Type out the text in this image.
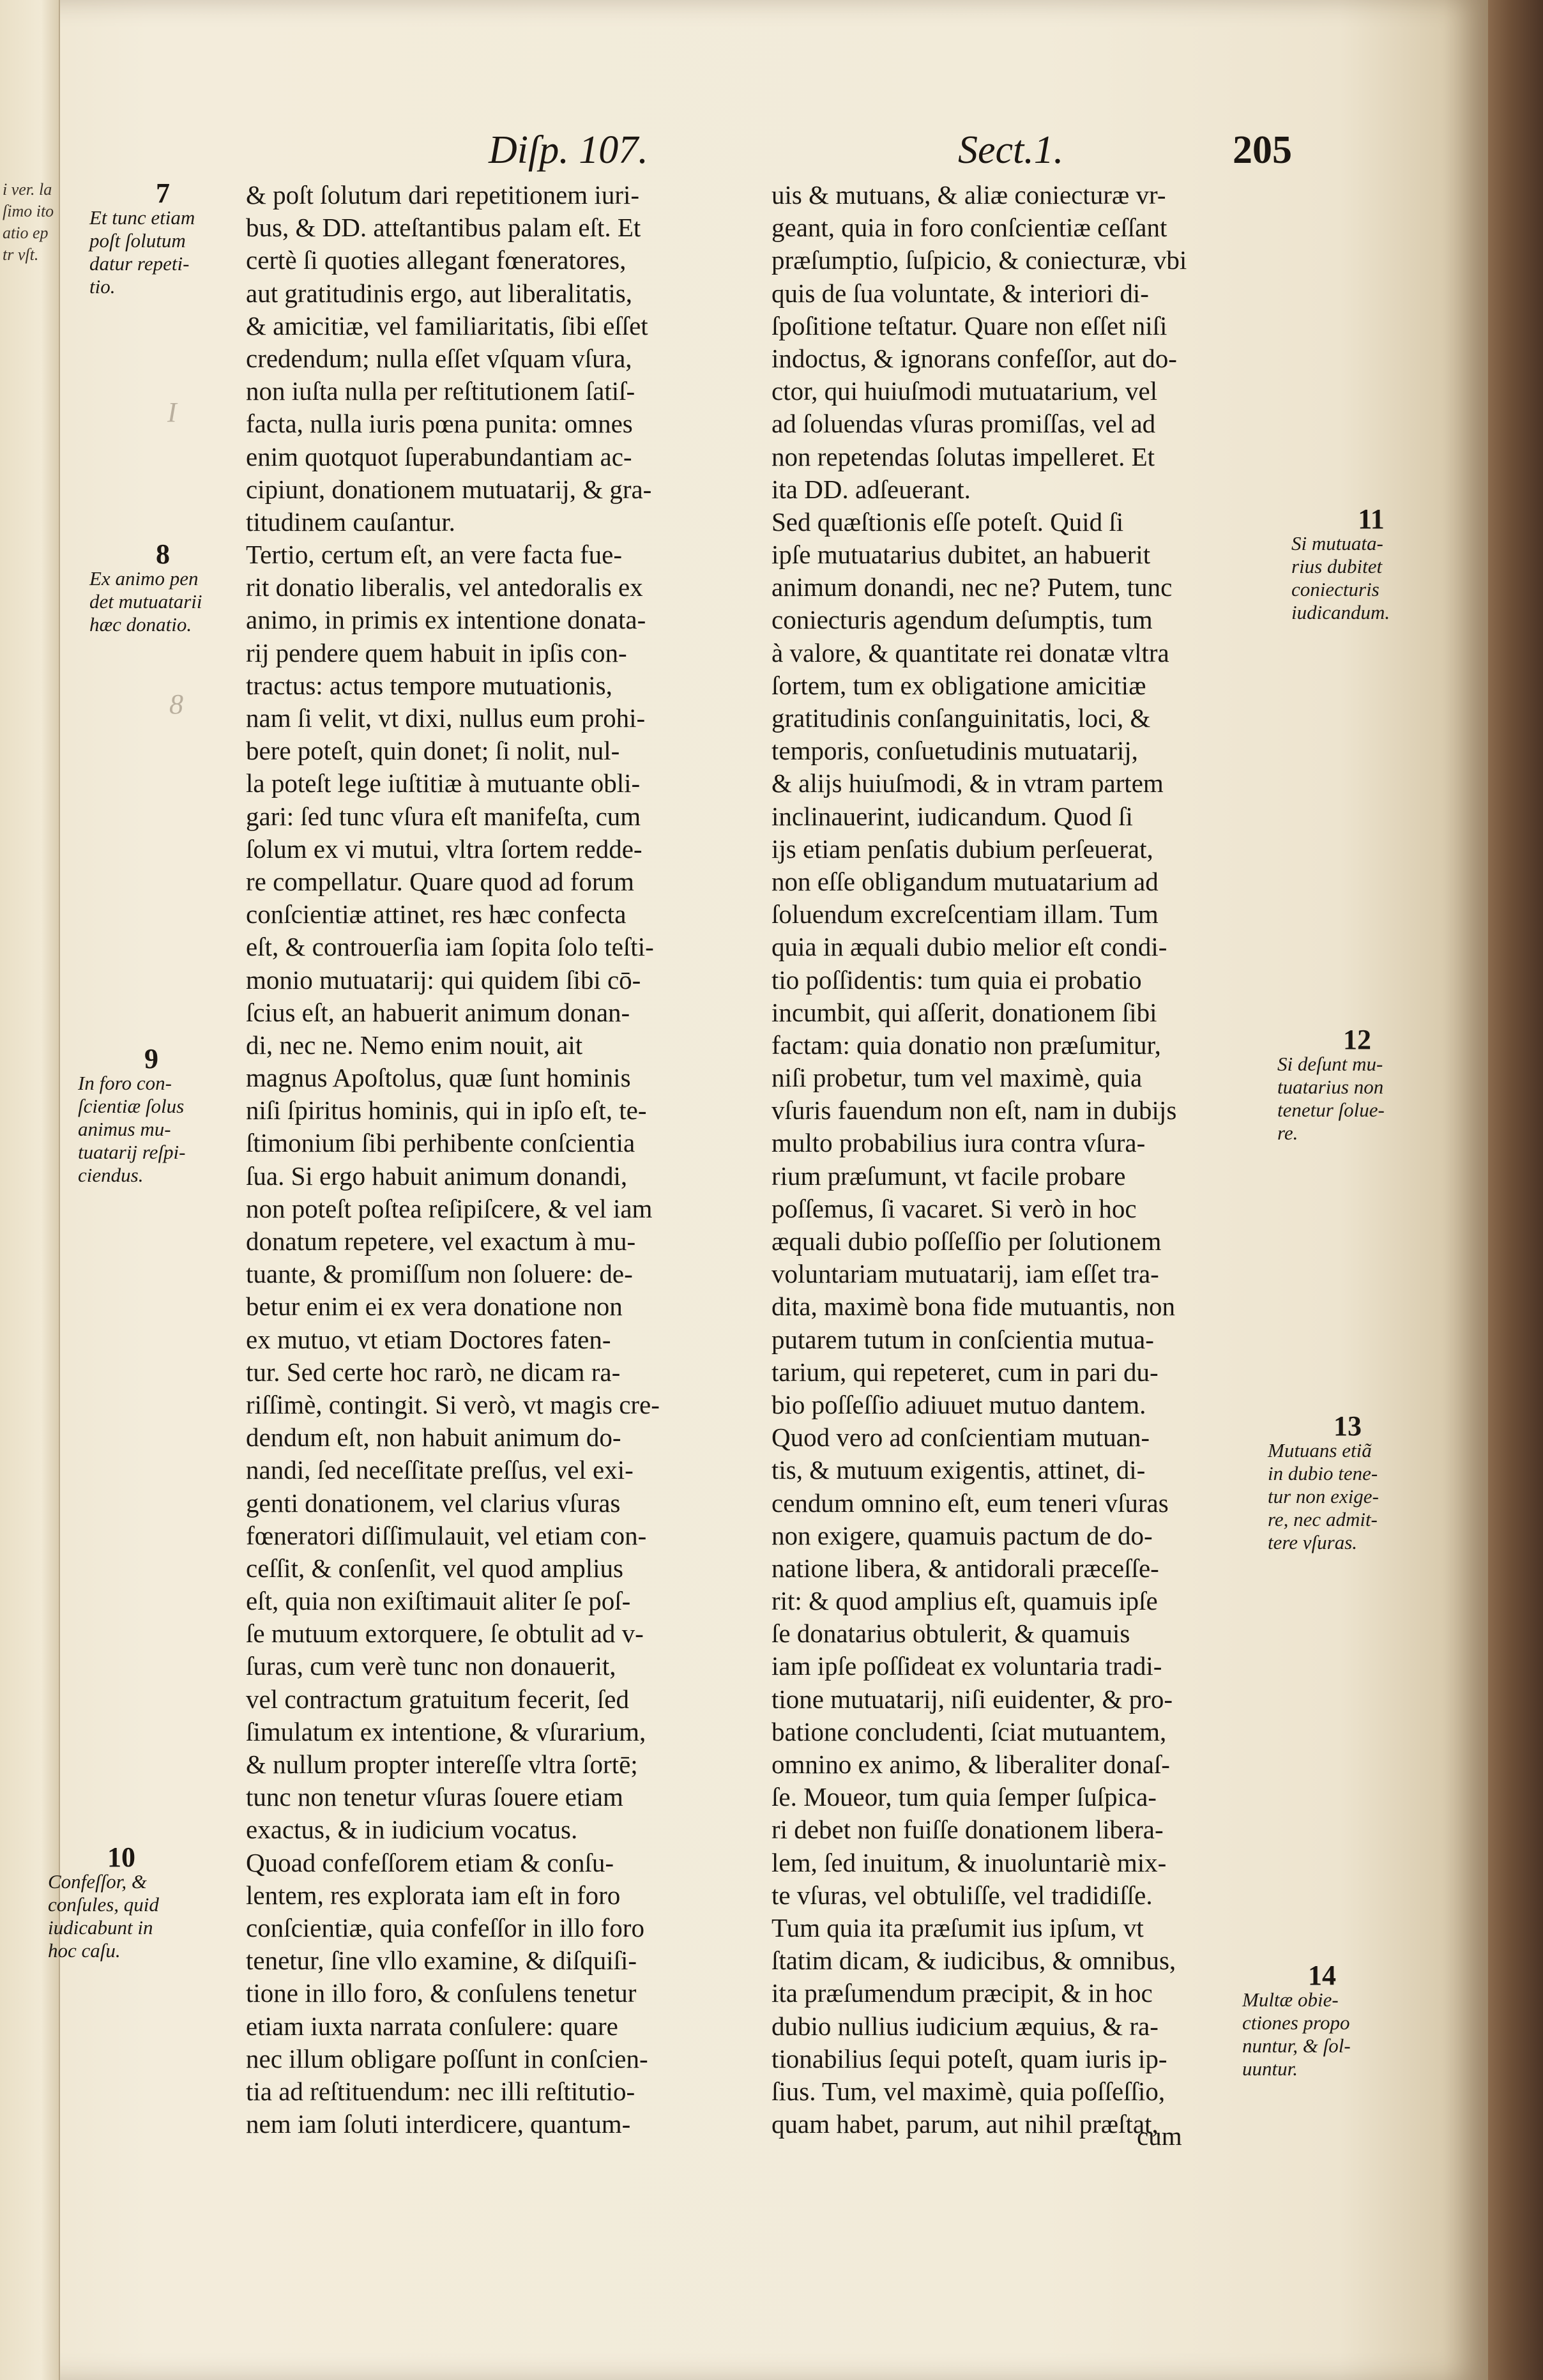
i ver. la
ſimo ito
atio ep
tr vſt.
Diſp. 107.	Sect.1.	205
& poſt ſolutum dari repetitionem iuri-
bus, & DD. atteſtantibus palam eſt. Et
certè ſi quoties allegant fœneratores,
aut gratitudinis ergo, aut liberalitatis,
& amicitiæ, vel familiaritatis, ſibi eſſet
credendum; nulla eſſet vſquam vſura,
non iuſta nulla per reſtitutionem ſatiſ-
facta, nulla iuris pœna punita: omnes
enim quotquot ſuperabundantiam ac-
cipiunt, donationem mutuatarij, & gra-
titudinem cauſantur.
Tertio, certum eſt, an vere facta fue-
rit donatio liberalis, vel antedoralis ex
animo, in primis ex intentione donata-
rij pendere quem habuit in ipſis con-
tractus: actus tempore mutuationis,
nam ſi velit, vt dixi, nullus eum prohi-
bere poteſt, quin donet; ſi nolit, nul-
la poteſt lege iuſtitiæ à mutuante obli-
gari: ſed tunc vſura eſt manifeſta, cum
ſolum ex vi mutui, vltra ſortem redde-
re compellatur. Quare quod ad forum
conſcientiæ attinet, res hæc confecta
eſt, & controuerſia iam ſopita ſolo teſti-
monio mutuatarij: qui quidem ſibi cō-
ſcius eſt, an habuerit animum donan-
di, nec ne. Nemo enim nouit, ait
magnus Apoſtolus, quæ ſunt hominis
niſi ſpiritus hominis, qui in ipſo eſt, te-
ſtimonium ſibi perhibente conſcientia
ſua. Si ergo habuit animum donandi,
non poteſt poſtea reſipiſcere, & vel iam
donatum repetere, vel exactum à mu-
tuante, & promiſſum non ſoluere: de-
betur enim ei ex vera donatione non
ex mutuo, vt etiam Doctores faten-
tur. Sed certe hoc rarò, ne dicam ra-
riſſimè, contingit. Si verò, vt magis cre-
dendum eſt, non habuit animum do-
nandi, ſed neceſſitate preſſus, vel exi-
genti donationem, vel clarius vſuras
fœneratori diſſimulauit, vel etiam con-
ceſſit, & conſenſit, vel quod amplius
eſt, quia non exiſtimauit aliter ſe poſ-
ſe mutuum extorquere, ſe obtulit ad v-
ſuras, cum verè tunc non donauerit,
vel contractum gratuitum fecerit, ſed
ſimulatum ex intentione, & vſurarium,
& nullum propter intereſſe vltra ſortē;
tunc non tenetur vſuras ſouere etiam
exactus, & in iudicium vocatus.
Quoad confeſſorem etiam & conſu-
lentem, res explorata iam eſt in foro
conſcientiæ, quia confeſſor in illo foro
tenetur, ſine vllo examine, & diſquiſi-
tione in illo foro, & conſulens tenetur
etiam iuxta narrata conſulere: quare
nec illum obligare poſſunt in conſcien-
tia ad reſtituendum: nec illi reſtitutio-
nem iam ſoluti interdicere, quantum-
uis & mutuans, & aliæ coniecturæ vr-
geant, quia in foro conſcientiæ ceſſant
præſumptio, ſuſpicio, & coniecturæ, vbi
quis de ſua voluntate, & interiori di-
ſpoſitione teſtatur. Quare non eſſet niſi
indoctus, & ignorans confeſſor, aut do-
ctor, qui huiuſmodi mutuatarium, vel
ad ſoluendas vſuras promiſſas, vel ad
non repetendas ſolutas impelleret. Et
ita DD. adſeuerant.
Sed quæſtionis eſſe poteſt. Quid ſi
ipſe mutuatarius dubitet, an habuerit
animum donandi, nec ne? Putem, tunc
coniecturis agendum deſumptis, tum
à valore, & quantitate rei donatæ vltra
ſortem, tum ex obligatione amicitiæ
gratitudinis conſanguinitatis, loci, &
temporis, conſuetudinis mutuatarij,
& alijs huiuſmodi, & in vtram partem
inclinauerint, iudicandum. Quod ſi
ijs etiam penſatis dubium perſeuerat,
non eſſe obligandum mutuatarium ad
ſoluendum excreſcentiam illam. Tum
quia in æquali dubio melior eſt condi-
tio poſſidentis: tum quia ei probatio
incumbit, qui aſſerit, donationem ſibi
factam: quia donatio non præſumitur,
niſi probetur, tum vel maximè, quia
vſuris fauendum non eſt, nam in dubijs
multo probabilius iura contra vſura-
rium præſumunt, vt facile probare
poſſemus, ſi vacaret. Si verò in hoc
æquali dubio poſſeſſio per ſolutionem
voluntariam mutuatarij, iam eſſet tra-
dita, maximè bona fide mutuantis, non
putarem tutum in conſcientia mutua-
tarium, qui repeteret, cum in pari du-
bio poſſeſſio adiuuet mutuo dantem.
Quod vero ad conſcientiam mutuan-
tis, & mutuum exigentis, attinet, di-
cendum omnino eſt, eum teneri vſuras
non exigere, quamuis pactum de do-
natione libera, & antidorali præceſſe-
rit: & quod amplius eſt, quamuis ipſe
ſe donatarius obtulerit, & quamuis
iam ipſe poſſideat ex voluntaria tradi-
tione mutuatarij, niſi euidenter, & pro-
batione concludenti, ſciat mutuantem,
omnino ex animo, & liberaliter donaſ-
ſe. Moueor, tum quia ſemper ſuſpica-
ri debet non fuiſſe donationem libera-
lem, ſed inuitum, & inuoluntariè mix-
te vſuras, vel obtuliſſe, vel tradidiſſe.
Tum quia ita præſumit ius ipſum, vt
ſtatim dicam, & iudicibus, & omnibus,
ita præſumendum præcipit, & in hoc
dubio nullius iudicium æquius, & ra-
tionabilius ſequi poteſt, quam iuris ip-
ſius. Tum, vel maximè, quia poſſeſſio,
quam habet, parum, aut nihil præſtat,
cum
7
Et tunc etiam
poſt ſolutum
datur repeti-
tio.
8
Ex animo pen
det mutuatarii
hæc donatio.
9
In foro con-
ſcientiæ ſolus
animus mu-
tuatarij reſpi-
ciendus.
10
Confeſſor, &
conſules, quid
iudicabunt in
hoc caſu.
11
Si mutuata-
rius dubitet
coniecturis
iudicandum.
12
Si deſunt mu-
tuatarius non
tenetur ſolue-
re.
13
Mutuans etiã
in dubio tene-
tur non exige-
re, nec admit-
tere vſuras.
14
Multæ obie-
ctiones propo
nuntur, & ſol-
uuntur.
I
8
